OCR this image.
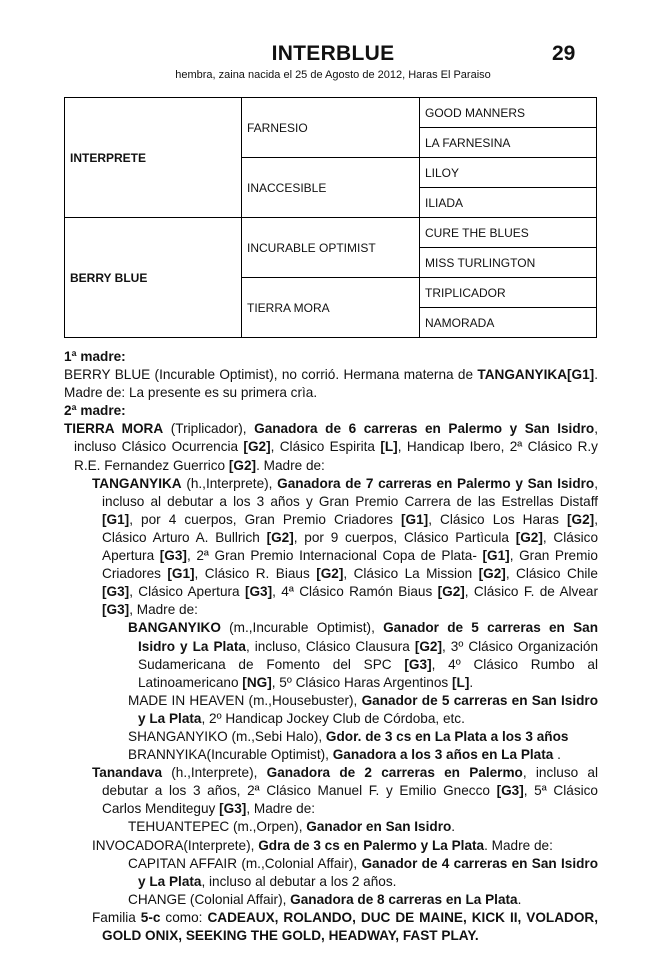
INTERBLUE	29
hembra, zaina nacida el 25 de Agosto de 2012, Haras El Paraiso
INTERPRETE	FARNESIO	GOOD MANNERS
		LA FARNESINA
	INACCESIBLE	LILOY
		ILIADA
BERRY BLUE	INCURABLE OPTIMIST	CURE THE BLUES
		MISS TURLINGTON
	TIERRA MORA	TRIPLICADOR
		NAMORADA

1ª madre:

BERRY BLUE (Incurable Optimist), no corrió. Hermana materna de TANGANYIKA[G1]. Madre de: La presente es su primera crìa.

2ª madre:

TIERRA MORA (Triplicador), Ganadora de 6 carreras en Palermo y San Isidro, incluso Clásico Ocurrencia [G2], Clásico Espirita [L], Handicap Ibero, 2ª Clásico R.y R.E. Fernandez Guerrico [G2]. Madre de:

TANGANYIKA (h.,Interprete), Ganadora de 7 carreras en Palermo y San Isidro, incluso al debutar a los 3 años y Gran Premio Carrera de las Estrellas Distaff [G1], por 4 cuerpos, Gran Premio Criadores [G1], Clásico Los Haras [G2], Clásico Arturo A. Bullrich [G2], por 9 cuerpos, Clásico Partìcula [G2], Clásico Apertura [G3], 2ª Gran Premio Internacional Copa de Plata- [G1], Gran Premio Criadores [G1], Clásico R. Biaus [G2], Clásico La Mission [G2], Clásico Chile [G3], Clásico Apertura [G3], 4ª Clásico Ramón Biaus [G2], Clásico F. de Alvear [G3], Madre de:

BANGANYIKO (m.,Incurable Optimist), Ganador de 5 carreras en San Isidro y La Plata, incluso, Clásico Clausura [G2], 3º Clásico Organización Sudamericana de Fomento del SPC [G3], 4º Clásico Rumbo al Latinoamericano [NG], 5º Clásico Haras Argentinos [L].

MADE IN HEAVEN (m.,Housebuster), Ganador de 5 carreras en San Isidro y La Plata, 2º Handicap Jockey Club de Córdoba, etc.

SHANGANYIKO (m.,Sebi Halo), Gdor. de 3 cs en La Plata a los 3 años

BRANNYIKA(Incurable Optimist), Ganadora a los 3 años en La Plata .

Tanandava (h.,Interprete), Ganadora de 2 carreras en Palermo, incluso al debutar a los 3 años, 2ª Clásico Manuel F. y Emilio Gnecco [G3], 5ª Clásico Carlos Menditeguy [G3], Madre de:

TEHUANTEPEC (m.,Orpen), Ganador en San Isidro.

INVOCADORA(Interprete), Gdra de 3 cs en Palermo y La Plata. Madre de:

CAPITAN AFFAIR (m.,Colonial Affair), Ganador de 4 carreras en San Isidro y La Plata, incluso al debutar a los 2 años.

CHANGE (Colonial Affair), Ganadora de 8 carreras en La Plata.

Familia 5-c como: CADEAUX, ROLANDO, DUC DE MAINE, KICK II, VOLADOR, GOLD ONIX, SEEKING THE GOLD, HEADWAY, FAST PLAY.
